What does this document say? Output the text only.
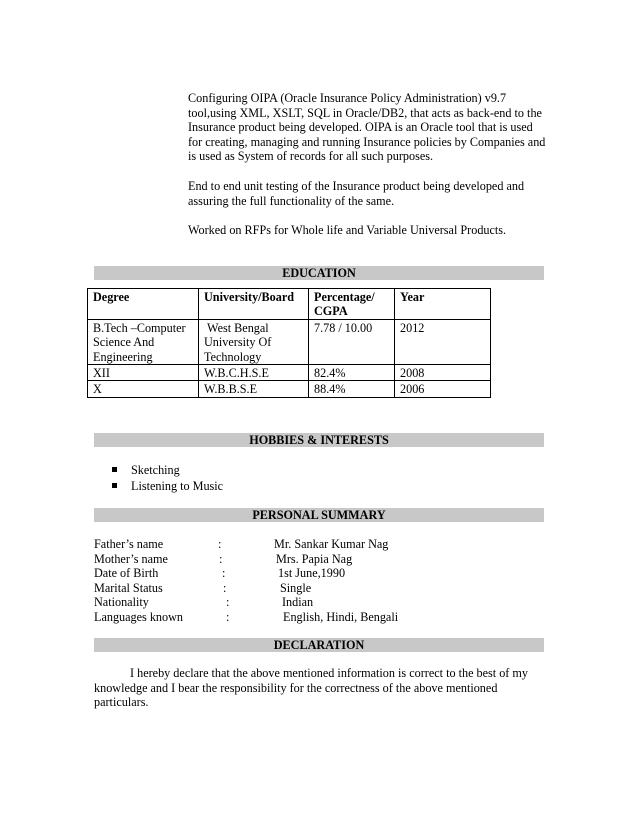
Configuring OIPA (Oracle Insurance Policy Administration) v9.7 tool,using XML, XSLT, SQL in Oracle/DB2, that acts as back-end to the Insurance product being developed. OIPA is an Oracle tool that is used for creating, managing and running Insurance policies by Companies and is used as System of records for all such purposes.
End to end unit testing of the Insurance product being developed and assuring the full functionality of the same.
Worked on RFPs for Whole life and Variable Universal Products.
EDUCATION
Degree	University/Board	Percentage/ CGPA	Year
B.Tech –Computer Science And Engineering	West Bengal University Of Technology	7.78 / 10.00	2012
XII	W.B.C.H.S.E	82.4%	2008
X	W.B.B.S.E	88.4%	2006
HOBBIES & INTERESTS
Sketching
Listening to Music
PERSONAL SUMMARY
Father’s name	:	Mr. Sankar Kumar Nag
Mother’s name	:	Mrs. Papia Nag
Date of Birth	:	1st June,1990
Marital Status	:	Single
Nationality	:	Indian
Languages known	:	English, Hindi, Bengali
DECLARATION
I hereby declare that the above mentioned information is correct to the best of my knowledge and I bear the responsibility for the correctness of the above mentioned particulars.
